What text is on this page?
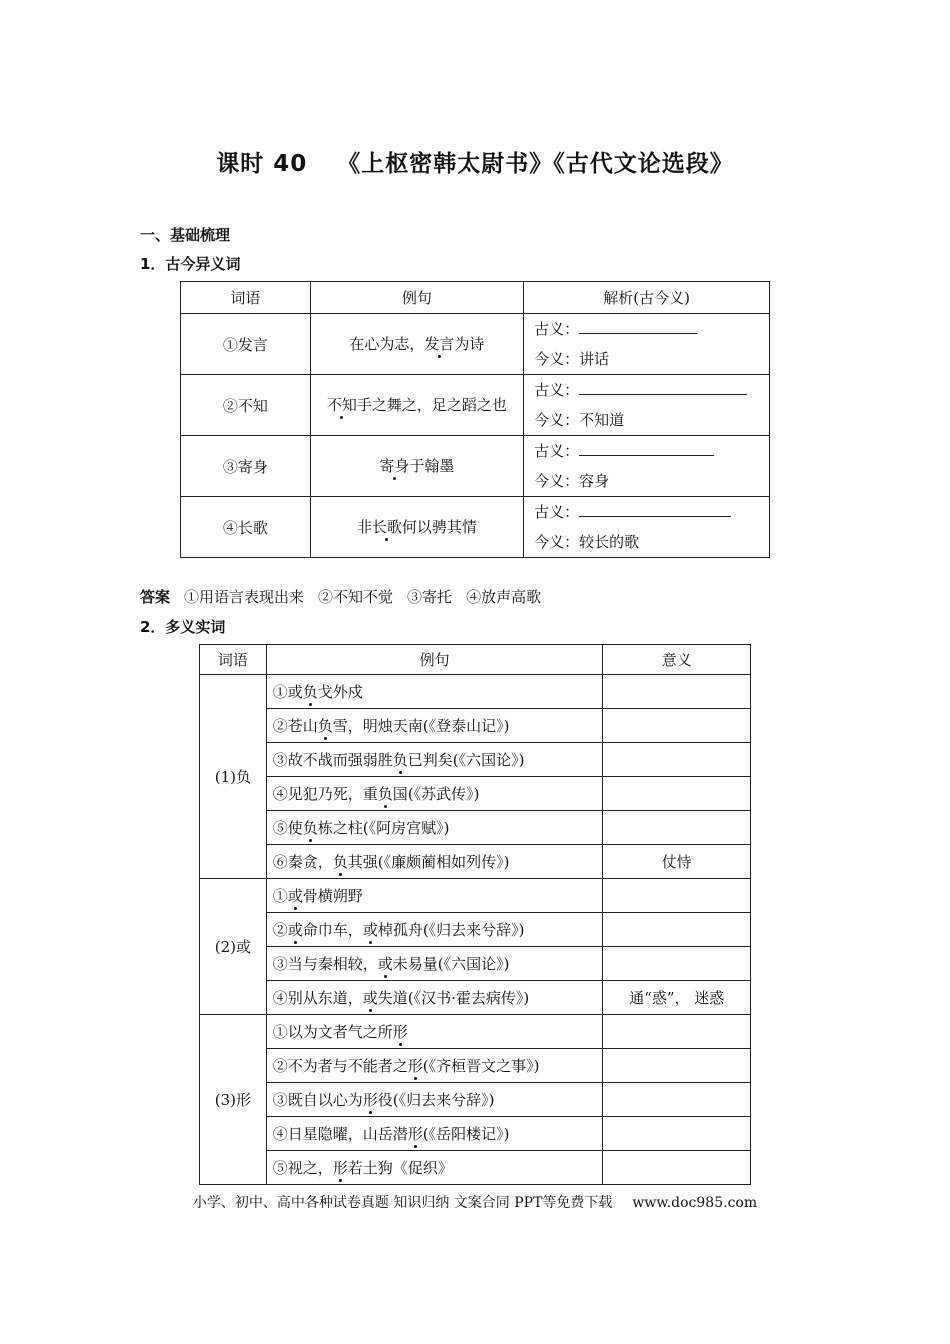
课时 40 《上枢密韩太尉书》《古代文论选段》
一、基础梳理
1．古今异义词
词语	例句	解析(古今义)
①发言	在心为志，发言为诗	古义：
今义：讲话

②不知	不知手之舞之，足之蹈之也	古义：
今义：不知道

③寄身	寄身于翰墨	古义：
今义：容身

④长歌	非长歌何以骋其情	古义：
今义：较长的歌
答案 ①用语言表现出来 ②不知不觉 ③寄托 ④放声高歌
2．多义实词
词语	例句	意义
(1)负	①或负戈外戍	
	②苍山负雪，明烛天南(《登泰山记》)	
	③故不战而强弱胜负已判矣(《六国论》)	
	④见犯乃死，重负国(《苏武传》)	
	⑤使负栋之柱(《阿房宫赋》)	
	⑥秦贪，负其强(《廉颇蔺相如列传》)	仗恃
(2)或	①或骨横朔野	
	②或命巾车，或棹孤舟(《归去来兮辞》)	
	③当与秦相较，或未易量(《六国论》)	
	④别从东道，或失道(《汉书·霍去病传》)	通“惑”， 迷惑
(3)形	①以为文者气之所形	
	②不为者与不能者之形(《齐桓晋文之事》)	
	③既自以心为形役(《归去来兮辞》)	
	④日星隐曜，山岳潜形(《岳阳楼记》)	
	⑤视之，形若土狗《促织》	
小学、初中、高中各种试卷真题 知识归纳 文案合同 PPT等免费下载 www.doc985.com
